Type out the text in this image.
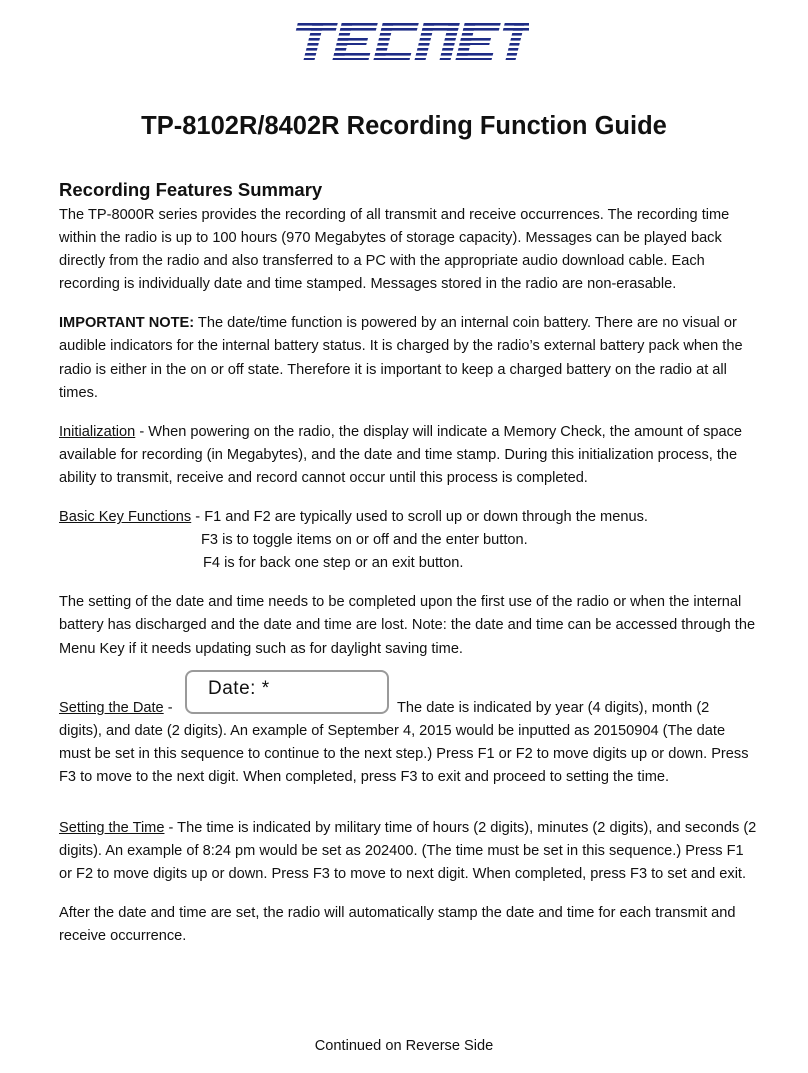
TP-8102R/8402R Recording Function Guide
Recording Features Summary

The TP-8000R series provides the recording of all transmit and receive occurrences. The recording time within the radio is up to 100 hours (970 Megabytes of storage capacity). Messages can be played back directly from the radio and also transferred to a PC with the appropriate audio download cable. Each recording is individually date and time stamped. Messages stored in the radio are non-erasable.

IMPORTANT NOTE: The date/time function is powered by an internal coin battery. There are no visual or audible indicators for the internal battery status. It is charged by the radio’s external battery pack when the radio is either in the on or off state. Therefore it is important to keep a charged battery on the radio at all times.

Initialization - When powering on the radio, the display will indicate a Memory Check, the amount of space available for recording (in Megabytes), and the date and time stamp. During this initialization process, the ability to transmit, receive and record cannot occur until this process is completed.

Basic Key Functions - F1 and F2 are typically used to scroll up or down through the menus.

F3 is to toggle items on or off and the enter button.

F4 is for back one step or an exit button.

The setting of the date and time needs to be completed upon the first use of the radio or when the internal battery has discharged and the date and time are lost. Note: the date and time can be accessed through the Menu Key if it needs updating such as for daylight saving time.

Setting the Date -
Date: *
The date is indicated by year (4 digits), month (2

digits), and date (2 digits). An example of September 4, 2015 would be inputted as 20150904 (The date must be set in this sequence to continue to the next step.) Press F1 or F2 to move digits up or down. Press F3 to move to the next digit. When completed, press F3 to exit and proceed to setting the time.

Setting the Time - The time is indicated by military time of hours (2 digits), minutes (2 digits), and seconds (2 digits). An example of 8:24 pm would be set as 202400. (The time must be set in this sequence.) Press F1 or F2 to move digits up or down. Press F3 to move to next digit. When completed, press F3 to set and exit.

After the date and time are set, the radio will automatically stamp the date and time for each transmit and receive occurrence.

Continued on Reverse Side
